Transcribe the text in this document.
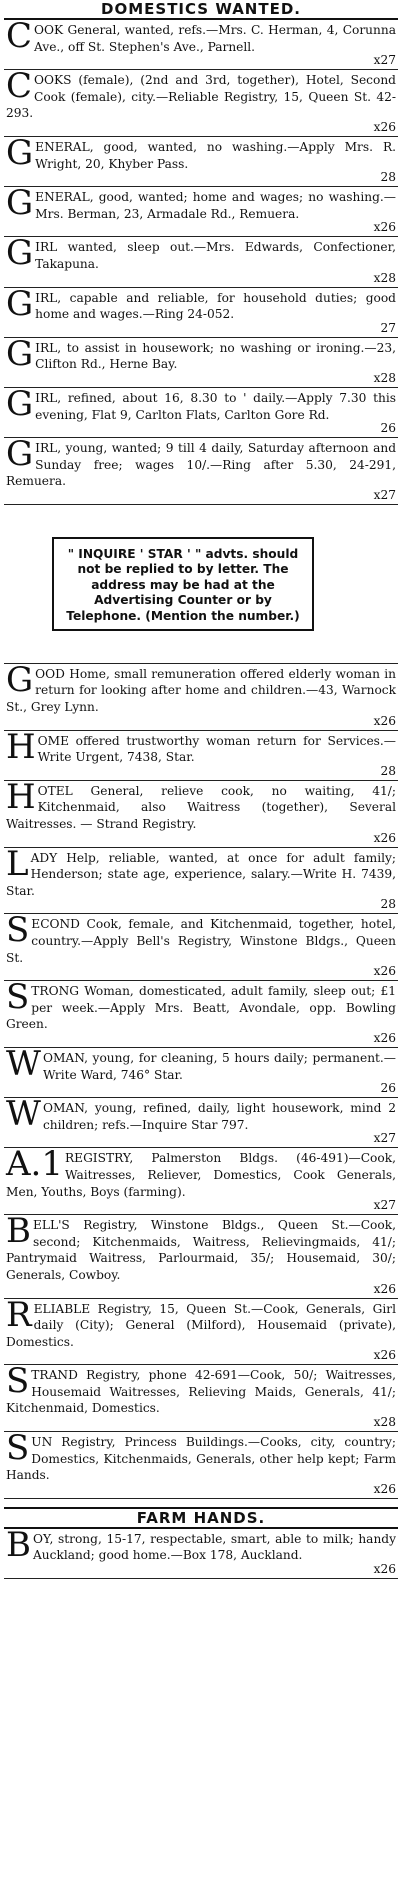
DOMESTICS WANTED.
COOK General, wanted, refs.—Mrs. C. Herman, 4, Corunna Ave., off St. Stephen's Ave., Parnell.
x27
COOKS (female), (2nd and 3rd, together), Hotel, Second Cook (female), city.—Reliable Registry, 15, Queen St. 42-293.
x26
GENERAL, good, wanted, no washing.—Apply Mrs. R. Wright, 20, Khyber Pass.
28
GENERAL, good, wanted; home and wages; no washing.—Mrs. Berman, 23, Armadale Rd., Remuera.
x26
GIRL wanted, sleep out.—Mrs. Edwards, Confectioner, Takapuna.
x28
GIRL, capable and reliable, for household duties; good home and wages.—Ring 24-052.
27
GIRL, to assist in housework; no washing or ironing.—23, Clifton Rd., Herne Bay.
x28
GIRL, refined, about 16, 8.30 to ' daily.—Apply 7.30 this evening, Flat 9, Carlton Flats, Carlton Gore Rd.
26
GIRL, young, wanted; 9 till 4 daily, Saturday afternoon and Sunday free; wages 10/.—Ring after 5.30, 24-291, Remuera.
x27
" INQUIRE ' STAR ' " advts. should not be replied to by letter. The address may be had at the Advertising Counter or by Telephone. (Mention the number.)
GOOD Home, small remuneration offered elderly woman in return for looking after home and children.—43, Warnock St., Grey Lynn.
x26
HOME offered trustworthy woman return for Services.—Write Urgent, 7438, Star.
28
HOTEL General, relieve cook, no waiting, 41/; Kitchenmaid, also Waitress (together), Several Waitresses. — Strand Registry.
x26
LADY Help, reliable, wanted, at once for adult family; Henderson; state age, experience, salary.—Write H. 7439, Star.
28
SECOND Cook, female, and Kitchenmaid, together, hotel, country.—Apply Bell's Registry, Winstone Bldgs., Queen St.
x26
STRONG Woman, domesticated, adult family, sleep out; £1 per week.—Apply Mrs. Beatt, Avondale, opp. Bowling Green.
x26
WOMAN, young, for cleaning, 5 hours daily; permanent.—Write Ward, 746° Star.
26
WOMAN, young, refined, daily, light housework, mind 2 children; refs.—Inquire Star 797.
x27
A.1 REGISTRY, Palmerston Bldgs. (46-491)—Cook, Waitresses, Reliever, Domestics, Cook Generals, Men, Youths, Boys (farming).
x27
BELL'S Registry, Winstone Bldgs., Queen St.—Cook, second; Kitchenmaids, Waitress, Relievingmaids, 41/; Pantrymaid Waitress, Parlourmaid, 35/; Housemaid, 30/; Generals, Cowboy.
x26
RELIABLE Registry, 15, Queen St.—Cook, Generals, Girl daily (City); General (Milford), Housemaid (private), Domestics.
x26
STRAND Registry, phone 42-691—Cook, 50/; Waitresses, Housemaid Waitresses, Relieving Maids, Generals, 41/; Kitchenmaid, Domestics.
x28
SUN Registry, Princess Buildings.—Cooks, city, country; Domestics, Kitchenmaids, Generals, other help kept; Farm Hands.
x26
FARM HANDS.
BOY, strong, 15-17, respectable, smart, able to milk; handy Auckland; good home.—Box 178, Auckland.
x26
